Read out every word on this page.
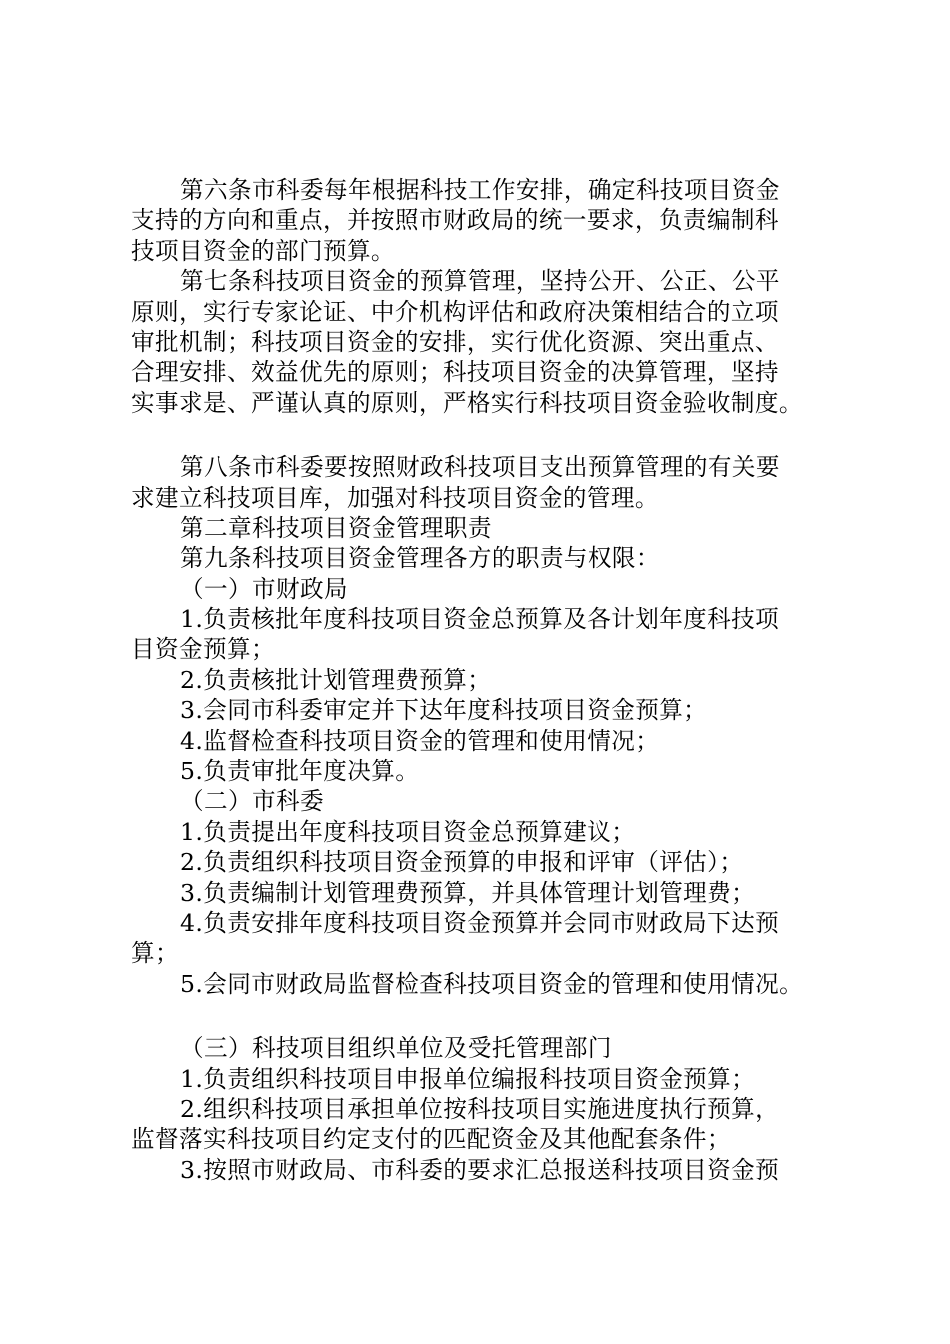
第六条市科委每年根据科技工作安排，确定科技项目资金
支持的方向和重点，并按照市财政局的统一要求，负责编制科
技项目资金的部门预算。
第七条科技项目资金的预算管理，坚持公开、公正、公平
原则，实行专家论证、中介机构评估和政府决策相结合的立项
审批机制；科技项目资金的安排，实行优化资源、突出重点、
合理安排、效益优先的原则；科技项目资金的决算管理，坚持
实事求是、严谨认真的原则，严格实行科技项目资金验收制度。
第八条市科委要按照财政科技项目支出预算管理的有关要
求建立科技项目库，加强对科技项目资金的管理。
第二章科技项目资金管理职责
第九条科技项目资金管理各方的职责与权限：
（一）市财政局
1.负责核批年度科技项目资金总预算及各计划年度科技项
目资金预算；
2.负责核批计划管理费预算；
3.会同市科委审定并下达年度科技项目资金预算；
4.监督检查科技项目资金的管理和使用情况；
5.负责审批年度决算。
（二）市科委
1.负责提出年度科技项目资金总预算建议；
2.负责组织科技项目资金预算的申报和评审（评估）；
3.负责编制计划管理费预算，并具体管理计划管理费；
4.负责安排年度科技项目资金预算并会同市财政局下达预
算；
5.会同市财政局监督检查科技项目资金的管理和使用情况。
（三）科技项目组织单位及受托管理部门
1.负责组织科技项目申报单位编报科技项目资金预算；
2.组织科技项目承担单位按科技项目实施进度执行预算，
监督落实科技项目约定支付的匹配资金及其他配套条件；
3.按照市财政局、市科委的要求汇总报送科技项目资金预
